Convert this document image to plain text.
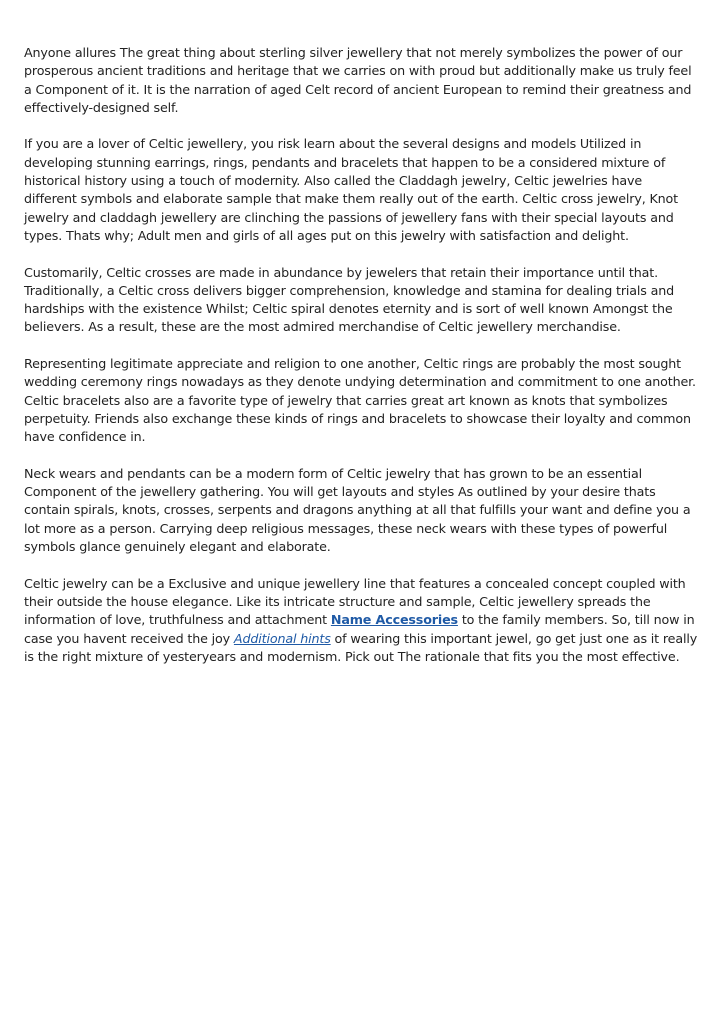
Anyone allures The great thing about sterling silver jewellery that not merely symbolizes the power of our prosperous ancient traditions and heritage that we carries on with proud but additionally make us truly feel a Component of it. It is the narration of aged Celt record of ancient European to remind their greatness and effectively-designed self.

If you are a lover of Celtic jewellery, you risk learn about the several designs and models Utilized in developing stunning earrings, rings, pendants and bracelets that happen to be a considered mixture of historical history using a touch of modernity. Also called the Claddagh jewelry, Celtic jewelries have different symbols and elaborate sample that make them really out of the earth. Celtic cross jewelry, Knot jewelry and claddagh jewellery are clinching the passions of jewellery fans with their special layouts and types. Thats why; Adult men and girls of all ages put on this jewelry with satisfaction and delight.

Customarily, Celtic crosses are made in abundance by jewelers that retain their importance until that. Traditionally, a Celtic cross delivers bigger comprehension, knowledge and stamina for dealing trials and hardships with the existence Whilst; Celtic spiral denotes eternity and is sort of well known Amongst the believers. As a result, these are the most admired merchandise of Celtic jewellery merchandise.

Representing legitimate appreciate and religion to one another, Celtic rings are probably the most sought wedding ceremony rings nowadays as they denote undying determination and commitment to one another. Celtic bracelets also are a favorite type of jewelry that carries great art known as knots that symbolizes perpetuity. Friends also exchange these kinds of rings and bracelets to showcase their loyalty and common have confidence in.

Neck wears and pendants can be a modern form of Celtic jewelry that has grown to be an essential Component of the jewellery gathering. You will get layouts and styles As outlined by your desire thats contain spirals, knots, crosses, serpents and dragons anything at all that fulfills your want and define you a lot more as a person. Carrying deep religious messages, these neck wears with these types of powerful symbols glance genuinely elegant and elaborate.

Celtic jewelry can be a Exclusive and unique jewellery line that features a concealed concept coupled with their outside the house elegance. Like its intricate structure and sample, Celtic jewellery spreads the information of love, truthfulness and attachment Name Accessories to the family members. So, till now in case you havent received the joy Additional hints of wearing this important jewel, go get just one as it really is the right mixture of yesteryears and modernism. Pick out The rationale that fits you the most effective.
